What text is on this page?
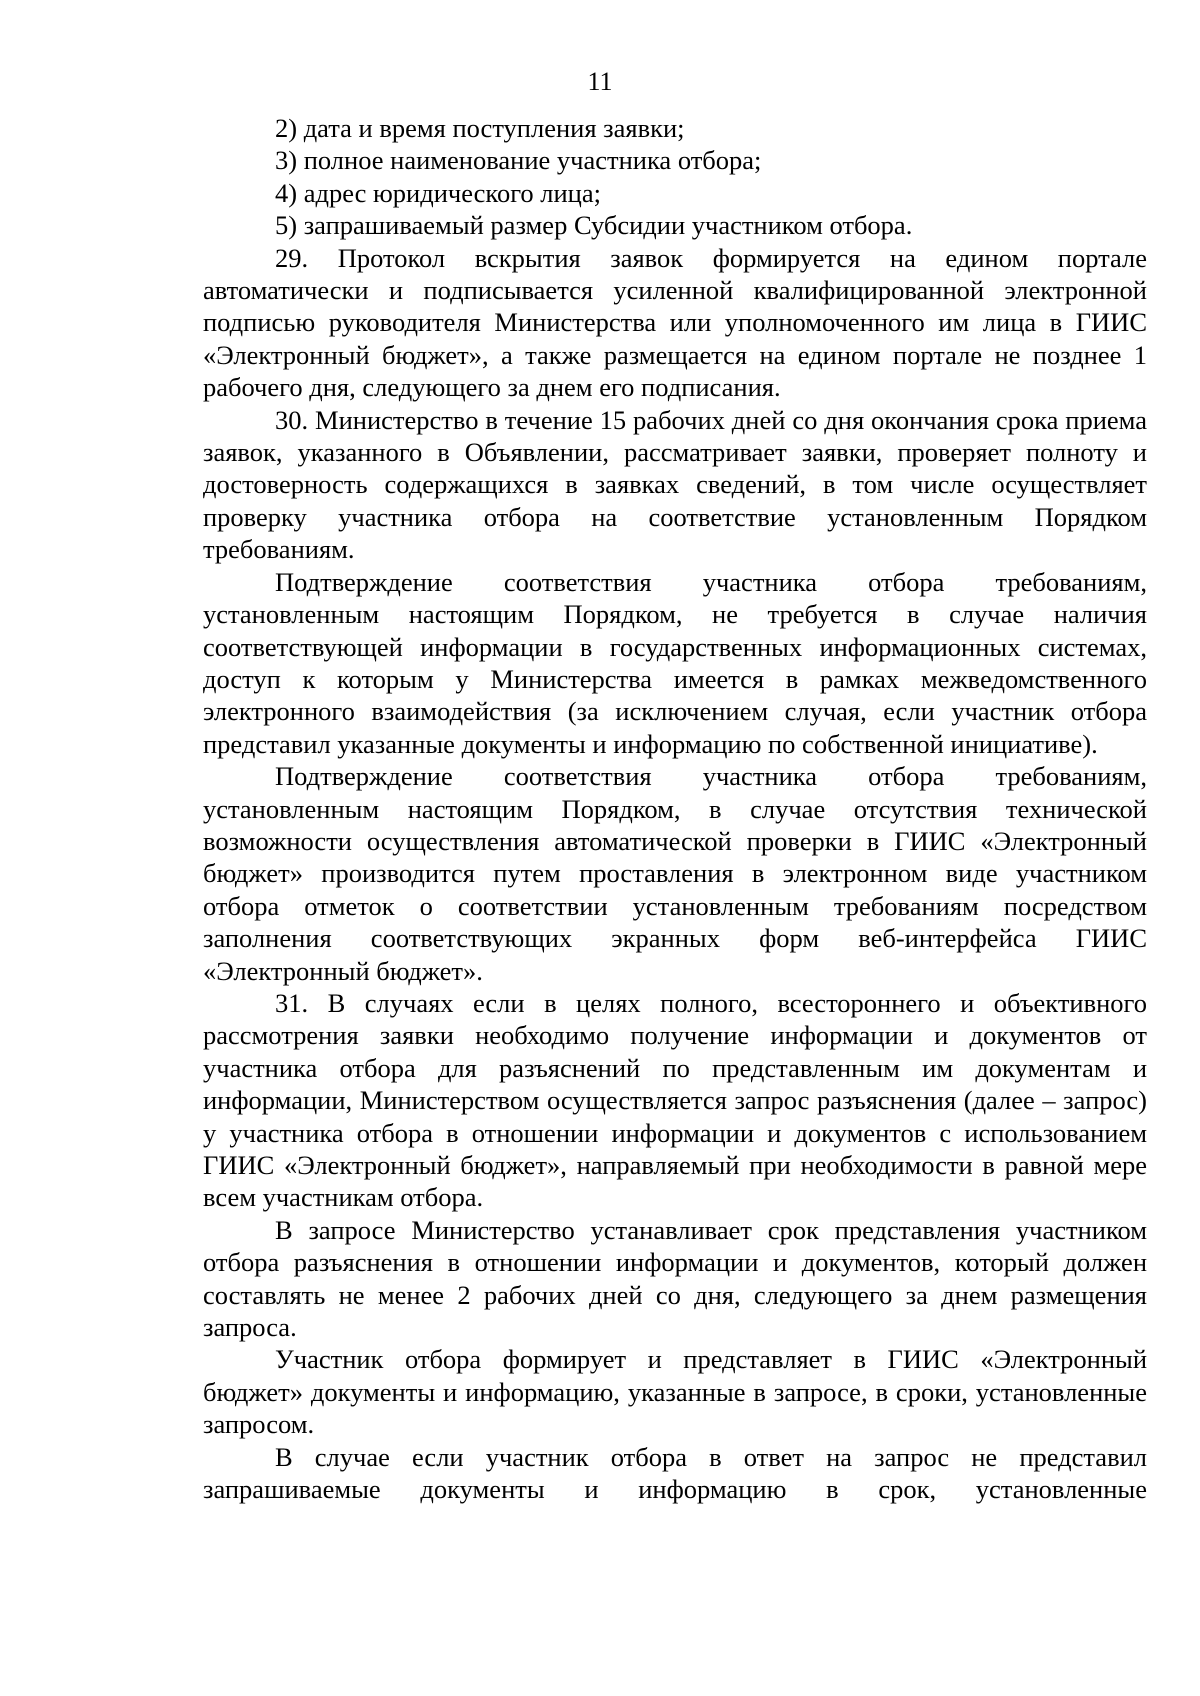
11

2) дата и время поступления заявки;

3) полное наименование участника отбора;

4) адрес юридического лица;

5) запрашиваемый размер Субсидии участником отбора.

29. Протокол вскрытия заявок формируется на едином портале автоматически и подписывается усиленной квалифицированной электронной подписью руководителя Министерства или уполномоченного им лица в ГИИС «Электронный бюджет», а также размещается на едином портале не позднее 1 рабочего дня, следующего за днем его подписания.

30. Министерство в течение 15 рабочих дней со дня окончания срока приема заявок, указанного в Объявлении, рассматривает заявки, проверяет полноту и достоверность содержащихся в заявках сведений, в том числе осуществляет проверку участника отбора на соответствие установленным Порядком требованиям.

Подтверждение соответствия участника отбора требованиям, установленным настоящим Порядком, не требуется в случае наличия соответствующей информации в государственных информационных системах, доступ к которым у Министерства имеется в рамках межведомственного электронного взаимодействия (за исключением случая, если участник отбора представил указанные документы и информацию по собственной инициативе).

Подтверждение соответствия участника отбора требованиям, установленным настоящим Порядком, в случае отсутствия технической возможности осуществления автоматической проверки в ГИИС «Электронный бюджет» производится путем проставления в электронном виде участником отбора отметок о соответствии установленным требованиям посредством заполнения соответствующих экранных форм веб-интерфейса ГИИС «Электронный бюджет».

31. В случаях если в целях полного, всестороннего и объективного рассмотрения заявки необходимо получение информации и документов от участника отбора для разъяснений по представленным им документам и информации, Министерством осуществляется запрос разъяснения (далее – запрос) у участника отбора в отношении информации и документов с использованием ГИИС «Электронный бюджет», направляемый при необходимости в равной мере всем участникам отбора.

В запросе Министерство устанавливает срок представления участником отбора разъяснения в отношении информации и документов, который должен составлять не менее 2 рабочих дней со дня, следующего за днем размещения запроса.

Участник отбора формирует и представляет в ГИИС «Электронный бюджет» документы и информацию, указанные в запросе, в сроки, установленные запросом.

В случае если участник отбора в ответ на запрос не представил запрашиваемые документы и информацию в срок, установленные
